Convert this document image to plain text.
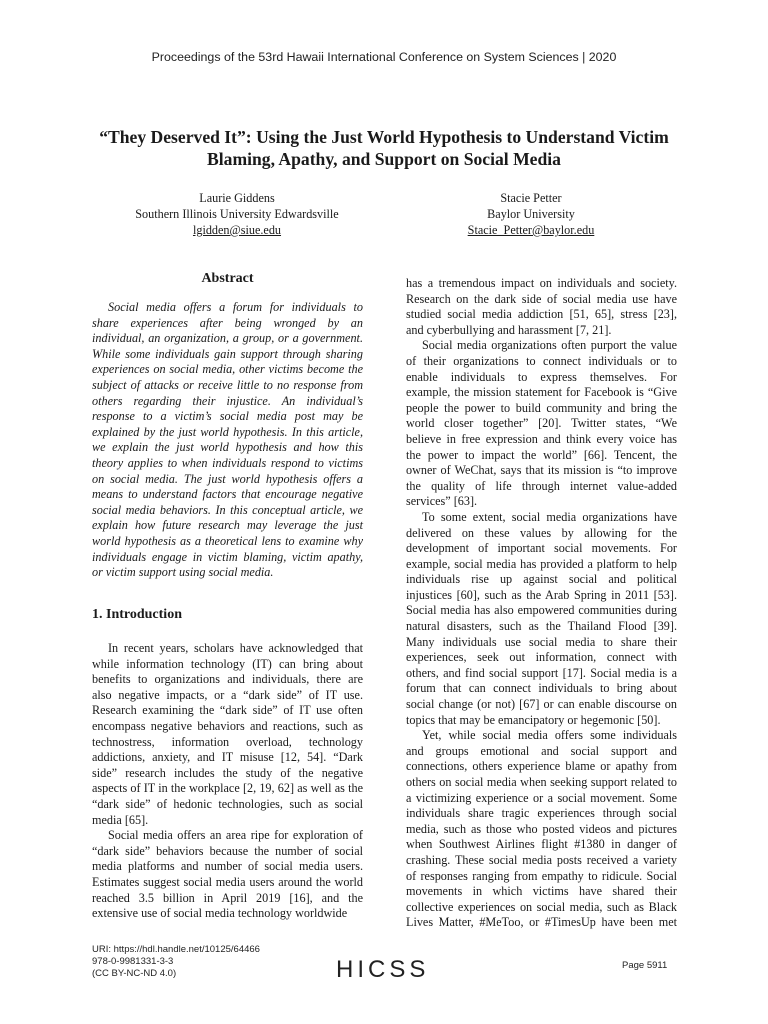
Proceedings of the 53rd Hawaii International Conference on System Sciences | 2020
“They Deserved It”: Using the Just World Hypothesis to Understand Victim
Blaming, Apathy, and Support on Social Media
Laurie Giddens
Southern Illinois University Edwardsville
lgidden@siue.edu
Stacie Petter
Baylor University
Stacie_Petter@baylor.edu
Abstract
Social media offers a forum for individuals to
share experiences after being wronged by an
individual, an organization, a group, or a government.
While some individuals gain support through sharing
experiences on social media, other victims become the
subject of attacks or receive little to no response from
others regarding their injustice. An individual’s
response to a victim’s social media post may be
explained by the just world hypothesis. In this article,
we explain the just world hypothesis and how this
theory applies to when individuals respond to victims
on social media. The just world hypothesis offers a
means to understand factors that encourage negative
social media behaviors. In this conceptual article, we
explain how future research may leverage the just
world hypothesis as a theoretical lens to examine why
individuals engage in victim blaming, victim apathy,
or victim support using social media.
1. Introduction
In recent years, scholars have acknowledged that
while information technology (IT) can bring about
benefits to organizations and individuals, there are
also negative impacts, or a “dark side” of IT use.
Research examining the “dark side” of IT use often
encompass negative behaviors and reactions, such as
technostress, information overload, technology
addictions, anxiety, and IT misuse [12, 54]. “Dark
side” research includes the study of the negative
aspects of IT in the workplace [2, 19, 62] as well as the
“dark side” of hedonic technologies, such as social
media [65].
Social media offers an area ripe for exploration of
“dark side” behaviors because the number of social
media platforms and number of social media users.
Estimates suggest social media users around the world
reached 3.5 billion in April 2019 [16], and the
extensive use of social media technology worldwide
has a tremendous impact on individuals and society.
Research on the dark side of social media use have
studied social media addiction [51, 65], stress [23],
and cyberbullying and harassment [7, 21].
Social media organizations often purport the value
of their organizations to connect individuals or to
enable individuals to express themselves. For
example, the mission statement for Facebook is “Give
people the power to build community and bring the
world closer together” [20]. Twitter states, “We
believe in free expression and think every voice has
the power to impact the world” [66]. Tencent, the
owner of WeChat, says that its mission is “to improve
the quality of life through internet value-added
services” [63].
To some extent, social media organizations have
delivered on these values by allowing for the
development of important social movements. For
example, social media has provided a platform to help
individuals rise up against social and political
injustices [60], such as the Arab Spring in 2011 [53].
Social media has also empowered communities during
natural disasters, such as the Thailand Flood [39].
Many individuals use social media to share their
experiences, seek out information, connect with
others, and find social support [17]. Social media is a
forum that can connect individuals to bring about
social change (or not) [67] or can enable discourse on
topics that may be emancipatory or hegemonic [50].
Yet, while social media offers some individuals
and groups emotional and social support and
connections, others experience blame or apathy from
others on social media when seeking support related to
a victimizing experience or a social movement. Some
individuals share tragic experiences through social
media, such as those who posted videos and pictures
when Southwest Airlines flight #1380 in danger of
crashing. These social media posts received a variety
of responses ranging from empathy to ridicule. Social
movements in which victims have shared their
collective experiences on social media, such as Black
Lives Matter, #MeToo, or #TimesUp have been met
URI: https://hdl.handle.net/10125/64466
978-0-9981331-3-3
(CC BY-NC-ND 4.0)	HICSS	Page 5911
